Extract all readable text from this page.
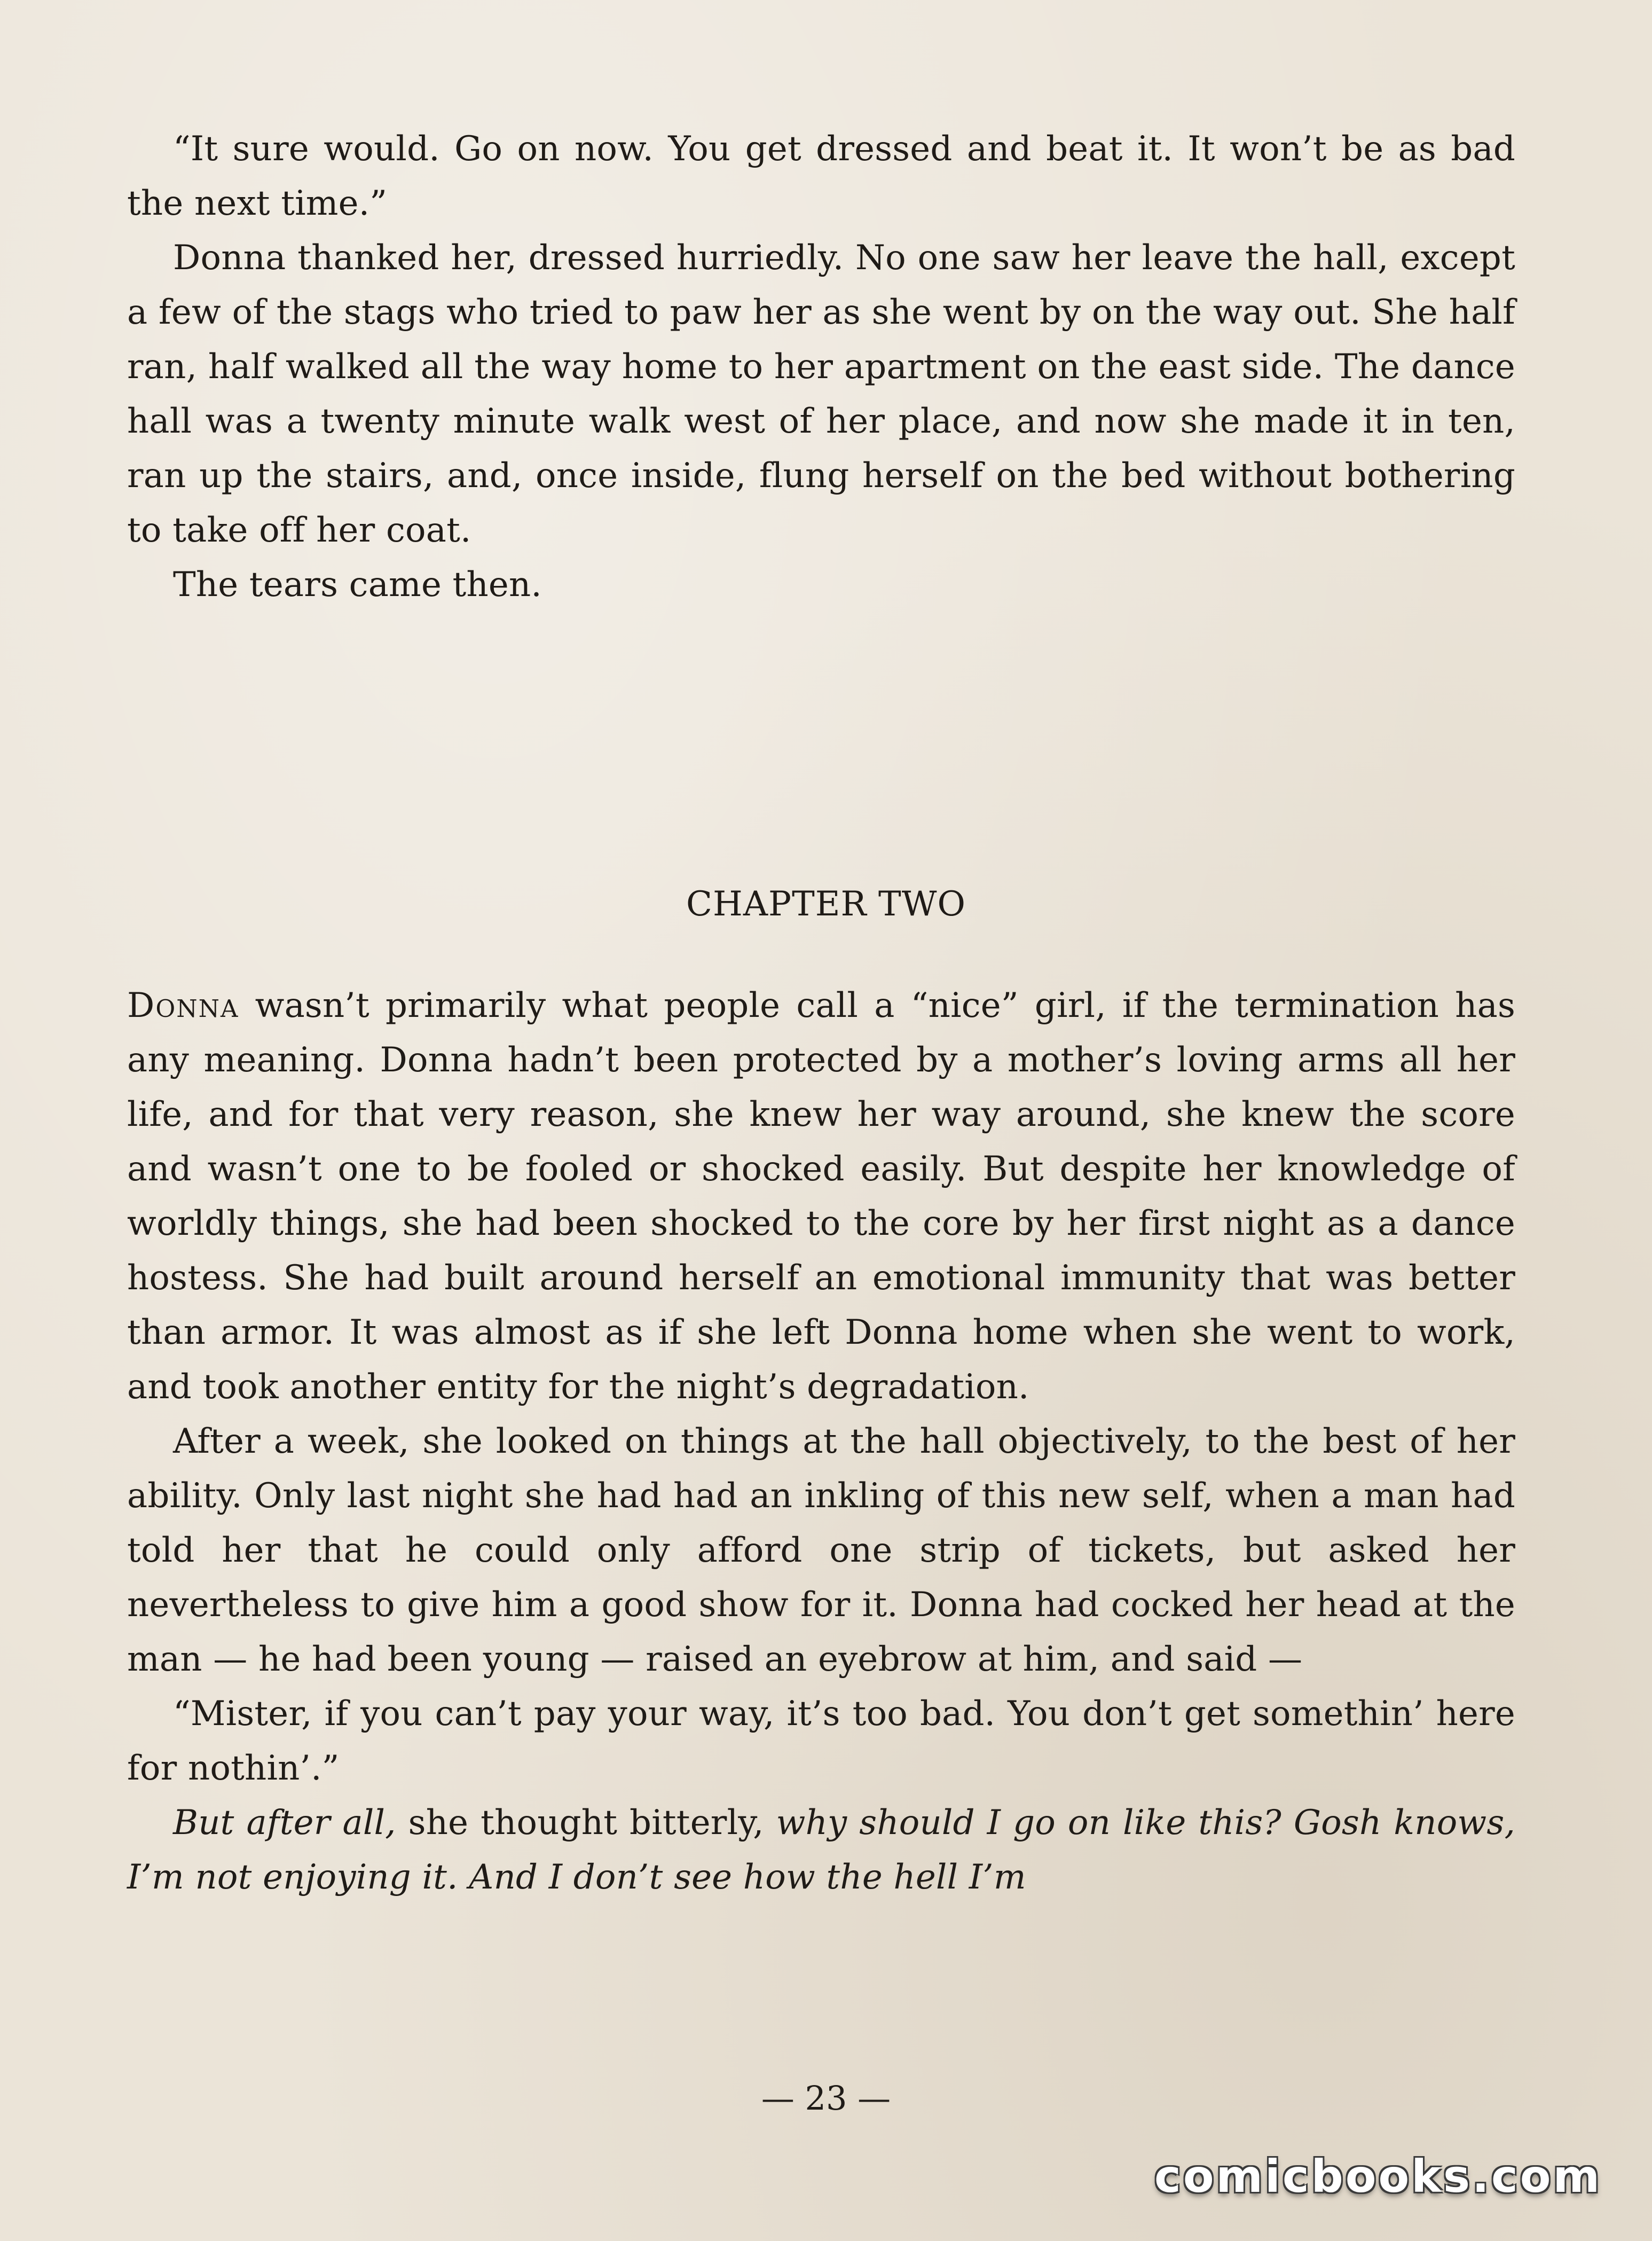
“It sure would. Go on now. You get dressed and beat it. It won’t be as bad the next time.”

Donna thanked her, dressed hurriedly. No one saw her leave the hall, except a few of the stags who tried to paw her as she went by on the way out. She half ran, half walked all the way home to her apartment on the east side. The dance hall was a twenty minute walk west of her place, and now she made it in ten, ran up the stairs, and, once inside, flung herself on the bed without bothering to take off her coat.

The tears came then.

CHAPTER TWO

Donna wasn’t primarily what people call a “nice” girl, if the termination has any meaning. Donna hadn’t been protected by a mother’s loving arms all her life, and for that very reason, she knew her way around, she knew the score and wasn’t one to be fooled or shocked easily. But despite her knowledge of worldly things, she had been shocked to the core by her first night as a dance hostess. She had built around herself an emotional immunity that was better than armor. It was almost as if she left Donna home when she went to work, and took another entity for the night’s degradation.

After a week, she looked on things at the hall objectively, to the best of her ability. Only last night she had had an inkling of this new self, when a man had told her that he could only afford one strip of tickets, but asked her nevertheless to give him a good show for it. Donna had cocked her head at the man — he had been young — raised an eyebrow at him, and said —

“Mister, if you can’t pay your way, it’s too bad. You don’t get somethin’ here for nothin’.”

But after all, she thought bitterly, why should I go on like this? Gosh knows, I’m not enjoying it. And I don’t see how the hell I’m

— 23 —
comicbooks.com
